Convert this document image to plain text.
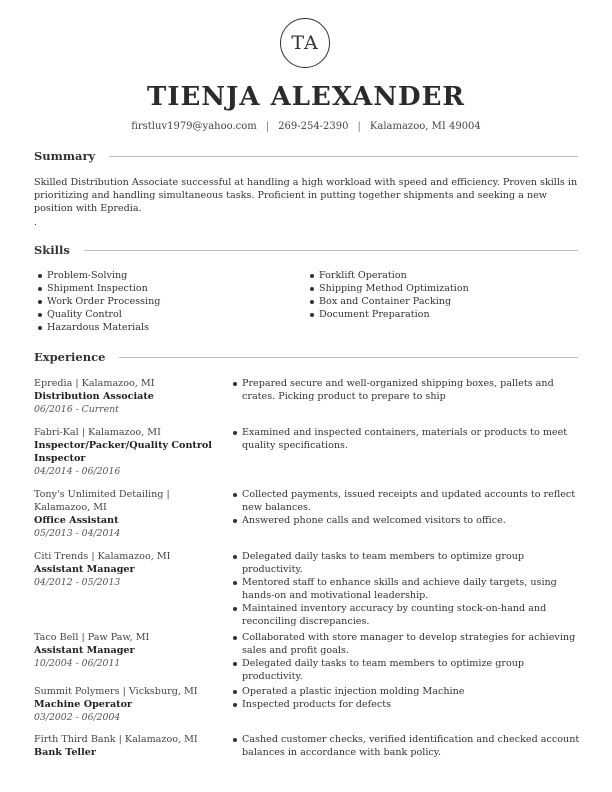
TA
TIENJA ALEXANDER
firstluv1979@yahoo.com | 269-254-2390 | Kalamazoo, MI 49004
Summary
Skilled Distribution Associate successful at handling a high workload with speed and efficiency. Proven skills in prioritizing and handling simultaneous tasks. Proficient in putting together shipments and seeking a new position with Epredia.
.
Skills
Problem-Solving
Shipment Inspection
Work Order Processing
Quality Control
Hazardous Materials
Forklift Operation
Shipping Method Optimization
Box and Container Packing
Document Preparation
Experience
Epredia | Kalamazoo, MI
Distribution Associate
06/2016 - Current
Prepared secure and well-organized shipping boxes, pallets and crates. Picking product to prepare to ship
Fabri-Kal | Kalamazoo, MI
Inspector/Packer/Quality Control Inspector
04/2014 - 06/2016
Examined and inspected containers, materials or products to meet quality specifications.
Tony's Unlimited Detailing | Kalamazoo, MI
Office Assistant
05/2013 - 04/2014
Collected payments, issued receipts and updated accounts to reflect new balances.
Answered phone calls and welcomed visitors to office.
Citi Trends | Kalamazoo, MI
Assistant Manager
04/2012 - 05/2013
Delegated daily tasks to team members to optimize group productivity.
Mentored staff to enhance skills and achieve daily targets, using hands-on and motivational leadership.
Maintained inventory accuracy by counting stock-on-hand and reconciling discrepancies.
Taco Bell | Paw Paw, MI
Assistant Manager
10/2004 - 06/2011
Collaborated with store manager to develop strategies for achieving sales and profit goals.
Delegated daily tasks to team members to optimize group productivity.
Summit Polymers | Vicksburg, MI
Machine Operator
03/2002 - 06/2004
Operated a plastic injection molding Machine
Inspected products for defects
Firth Third Bank | Kalamazoo, MI
Bank Teller
Cashed customer checks, verified identification and checked account balances in accordance with bank policy.
